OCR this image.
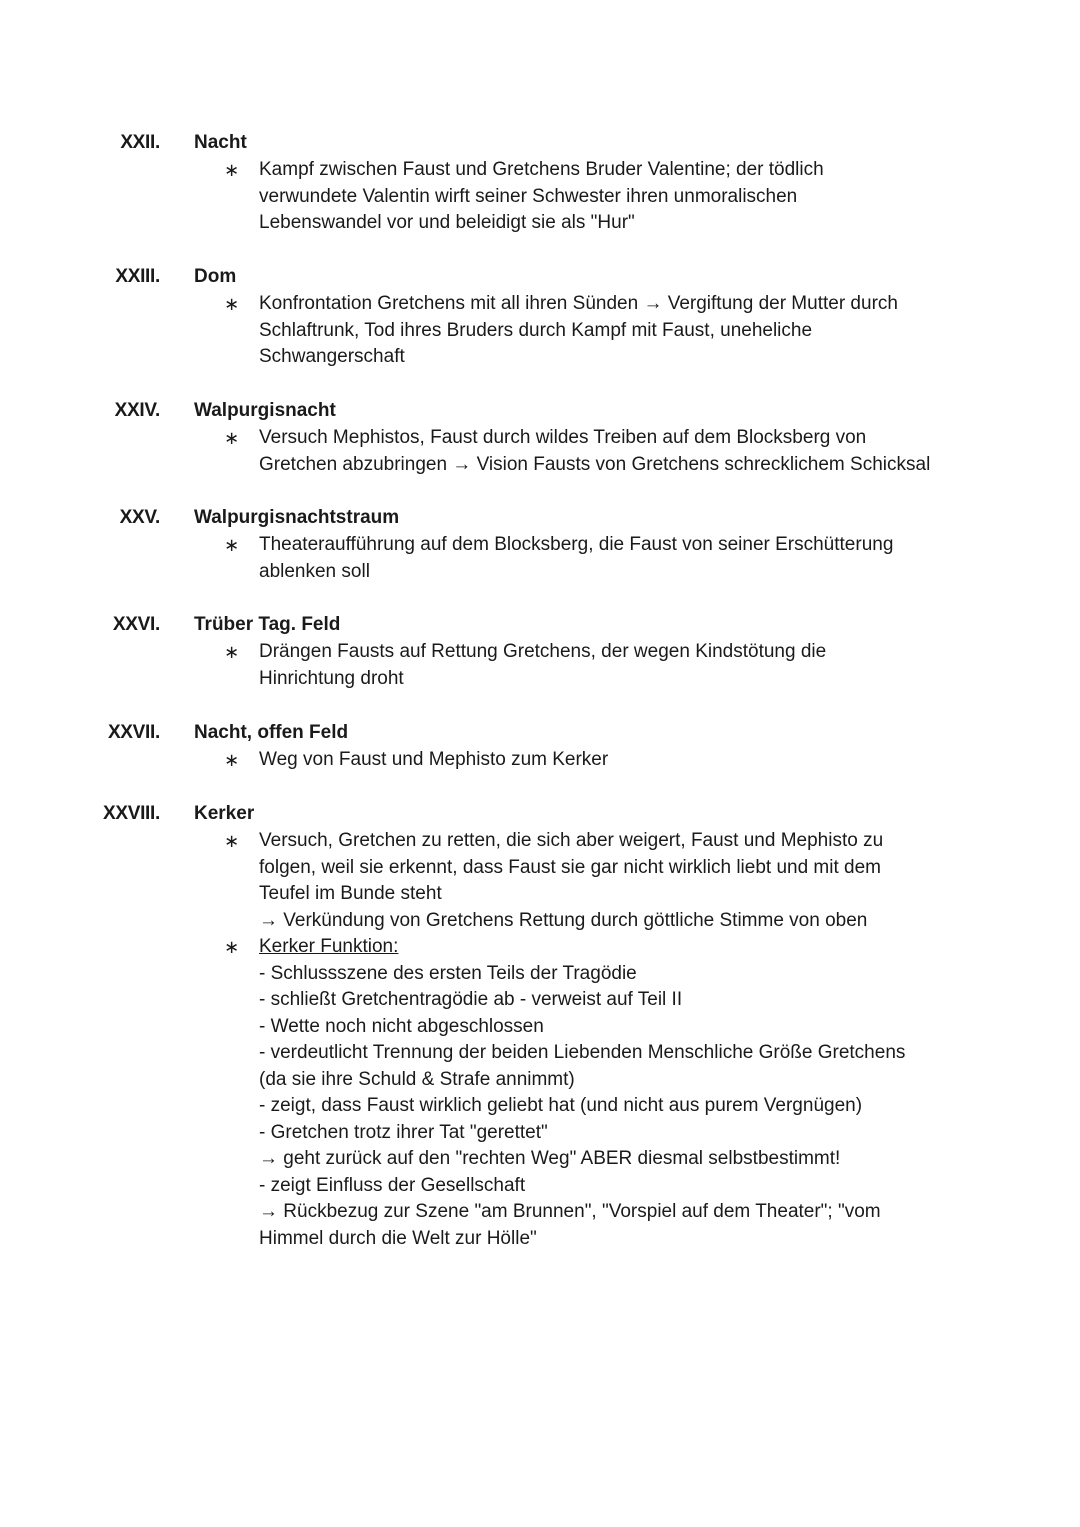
XXII. Nacht
∗ Kampf zwischen Faust und Gretchens Bruder Valentine; der tödlich
verwundete Valentin wirft seiner Schwester ihren unmoralischen
Lebenswandel vor und beleidigt sie als "Hur"
XXIII. Dom
∗ Konfrontation Gretchens mit all ihren Sünden → Vergiftung der Mutter durch
Schlaftrunk, Tod ihres Bruders durch Kampf mit Faust, uneheliche
Schwangerschaft
XXIV. Walpurgisnacht
∗ Versuch Mephistos, Faust durch wildes Treiben auf dem Blocksberg von
Gretchen abzubringen → Vision Fausts von Gretchens schrecklichem Schicksal
XXV. Walpurgisnachtstraum
∗ Theateraufführung auf dem Blocksberg, die Faust von seiner Erschütterung
ablenken soll
XXVI. Trüber Tag. Feld
∗ Drängen Fausts auf Rettung Gretchens, der wegen Kindstötung die
Hinrichtung droht
XXVII. Nacht, offen Feld
∗ Weg von Faust und Mephisto zum Kerker
XXVIII. Kerker
∗ Versuch, Gretchen zu retten, die sich aber weigert, Faust und Mephisto zu
folgen, weil sie erkennt, dass Faust sie gar nicht wirklich liebt und mit dem
Teufel im Bunde steht
→ Verkündung von Gretchens Rettung durch göttliche Stimme von oben
∗ Kerker Funktion:
- Schlussszene des ersten Teils der Tragödie
- schließt Gretchentragödie ab - verweist auf Teil II
- Wette noch nicht abgeschlossen
- verdeutlicht Trennung der beiden Liebenden Menschliche Größe Gretchens
(da sie ihre Schuld & Strafe annimmt)
- zeigt, dass Faust wirklich geliebt hat (und nicht aus purem Vergnügen)
- Gretchen trotz ihrer Tat "gerettet"
→ geht zurück auf den "rechten Weg" ABER diesmal selbstbestimmt!
- zeigt Einfluss der Gesellschaft
→ Rückbezug zur Szene "am Brunnen", "Vorspiel auf dem Theater"; "vom
Himmel durch die Welt zur Hölle"
